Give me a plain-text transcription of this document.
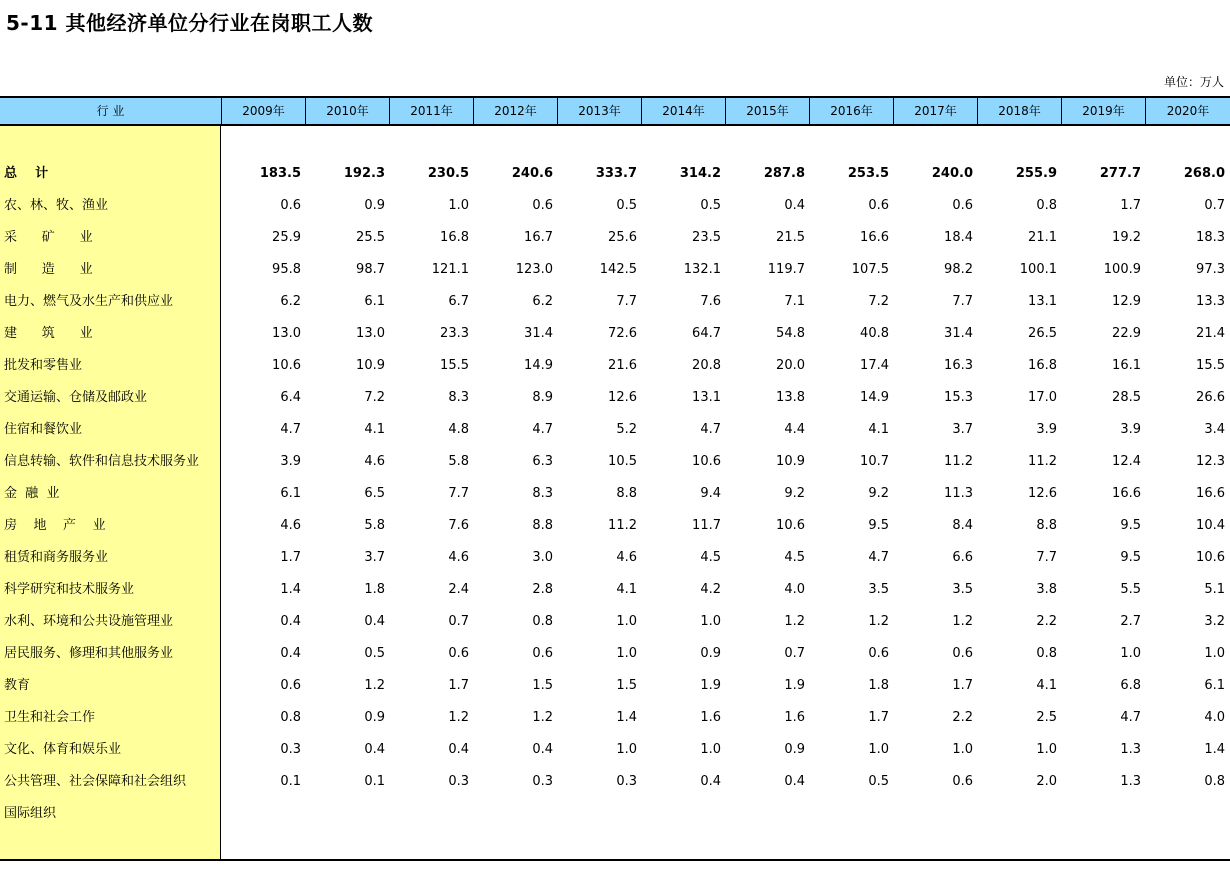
5-11 其他经济单位分行业在岗职工人数
单位：万人
行 业	2009年	2010年	2011年	2012年	2013年	2014年	2015年	2016年	2017年	2018年	2019年	2020年
总    计	183.5	192.3	230.5	240.6	333.7	314.2	287.8	253.5	240.0	255.9	277.7	268.0
农、林、牧、渔业	0.6	0.9	1.0	0.6	0.5	0.5	0.4	0.6	0.6	0.8	1.7	0.7
采      矿      业	25.9	25.5	16.8	16.7	25.6	23.5	21.5	16.6	18.4	21.1	19.2	18.3
制      造      业	95.8	98.7	121.1	123.0	142.5	132.1	119.7	107.5	98.2	100.1	100.9	97.3
电力、燃气及水生产和供应业	6.2	6.1	6.7	6.2	7.7	7.6	7.1	7.2	7.7	13.1	12.9	13.3
建      筑      业	13.0	13.0	23.3	31.4	72.6	64.7	54.8	40.8	31.4	26.5	22.9	21.4
批发和零售业	10.6	10.9	15.5	14.9	21.6	20.8	20.0	17.4	16.3	16.8	16.1	15.5
交通运输、仓储及邮政业	6.4	7.2	8.3	8.9	12.6	13.1	13.8	14.9	15.3	17.0	28.5	26.6
住宿和餐饮业	4.7	4.1	4.8	4.7	5.2	4.7	4.4	4.1	3.7	3.9	3.9	3.4
信息转输、软件和信息技术服务业	3.9	4.6	5.8	6.3	10.5	10.6	10.9	10.7	11.2	11.2	12.4	12.3
金  融  业	6.1	6.5	7.7	8.3	8.8	9.4	9.2	9.2	11.3	12.6	16.6	16.6
房    地    产    业	4.6	5.8	7.6	8.8	11.2	11.7	10.6	9.5	8.4	8.8	9.5	10.4
租赁和商务服务业	1.7	3.7	4.6	3.0	4.6	4.5	4.5	4.7	6.6	7.7	9.5	10.6
科学研究和技术服务业	1.4	1.8	2.4	2.8	4.1	4.2	4.0	3.5	3.5	3.8	5.5	5.1
水利、环境和公共设施管理业	0.4	0.4	0.7	0.8	1.0	1.0	1.2	1.2	1.2	2.2	2.7	3.2
居民服务、修理和其他服务业	0.4	0.5	0.6	0.6	1.0	0.9	0.7	0.6	0.6	0.8	1.0	1.0
教育	0.6	1.2	1.7	1.5	1.5	1.9	1.9	1.8	1.7	4.1	6.8	6.1
卫生和社会工作	0.8	0.9	1.2	1.2	1.4	1.6	1.6	1.7	2.2	2.5	4.7	4.0
文化、体育和娱乐业	0.3	0.4	0.4	0.4	1.0	1.0	0.9	1.0	1.0	1.0	1.3	1.4
公共管理、社会保障和社会组织	0.1	0.1	0.3	0.3	0.3	0.4	0.4	0.5	0.6	2.0	1.3	0.8
国际组织
